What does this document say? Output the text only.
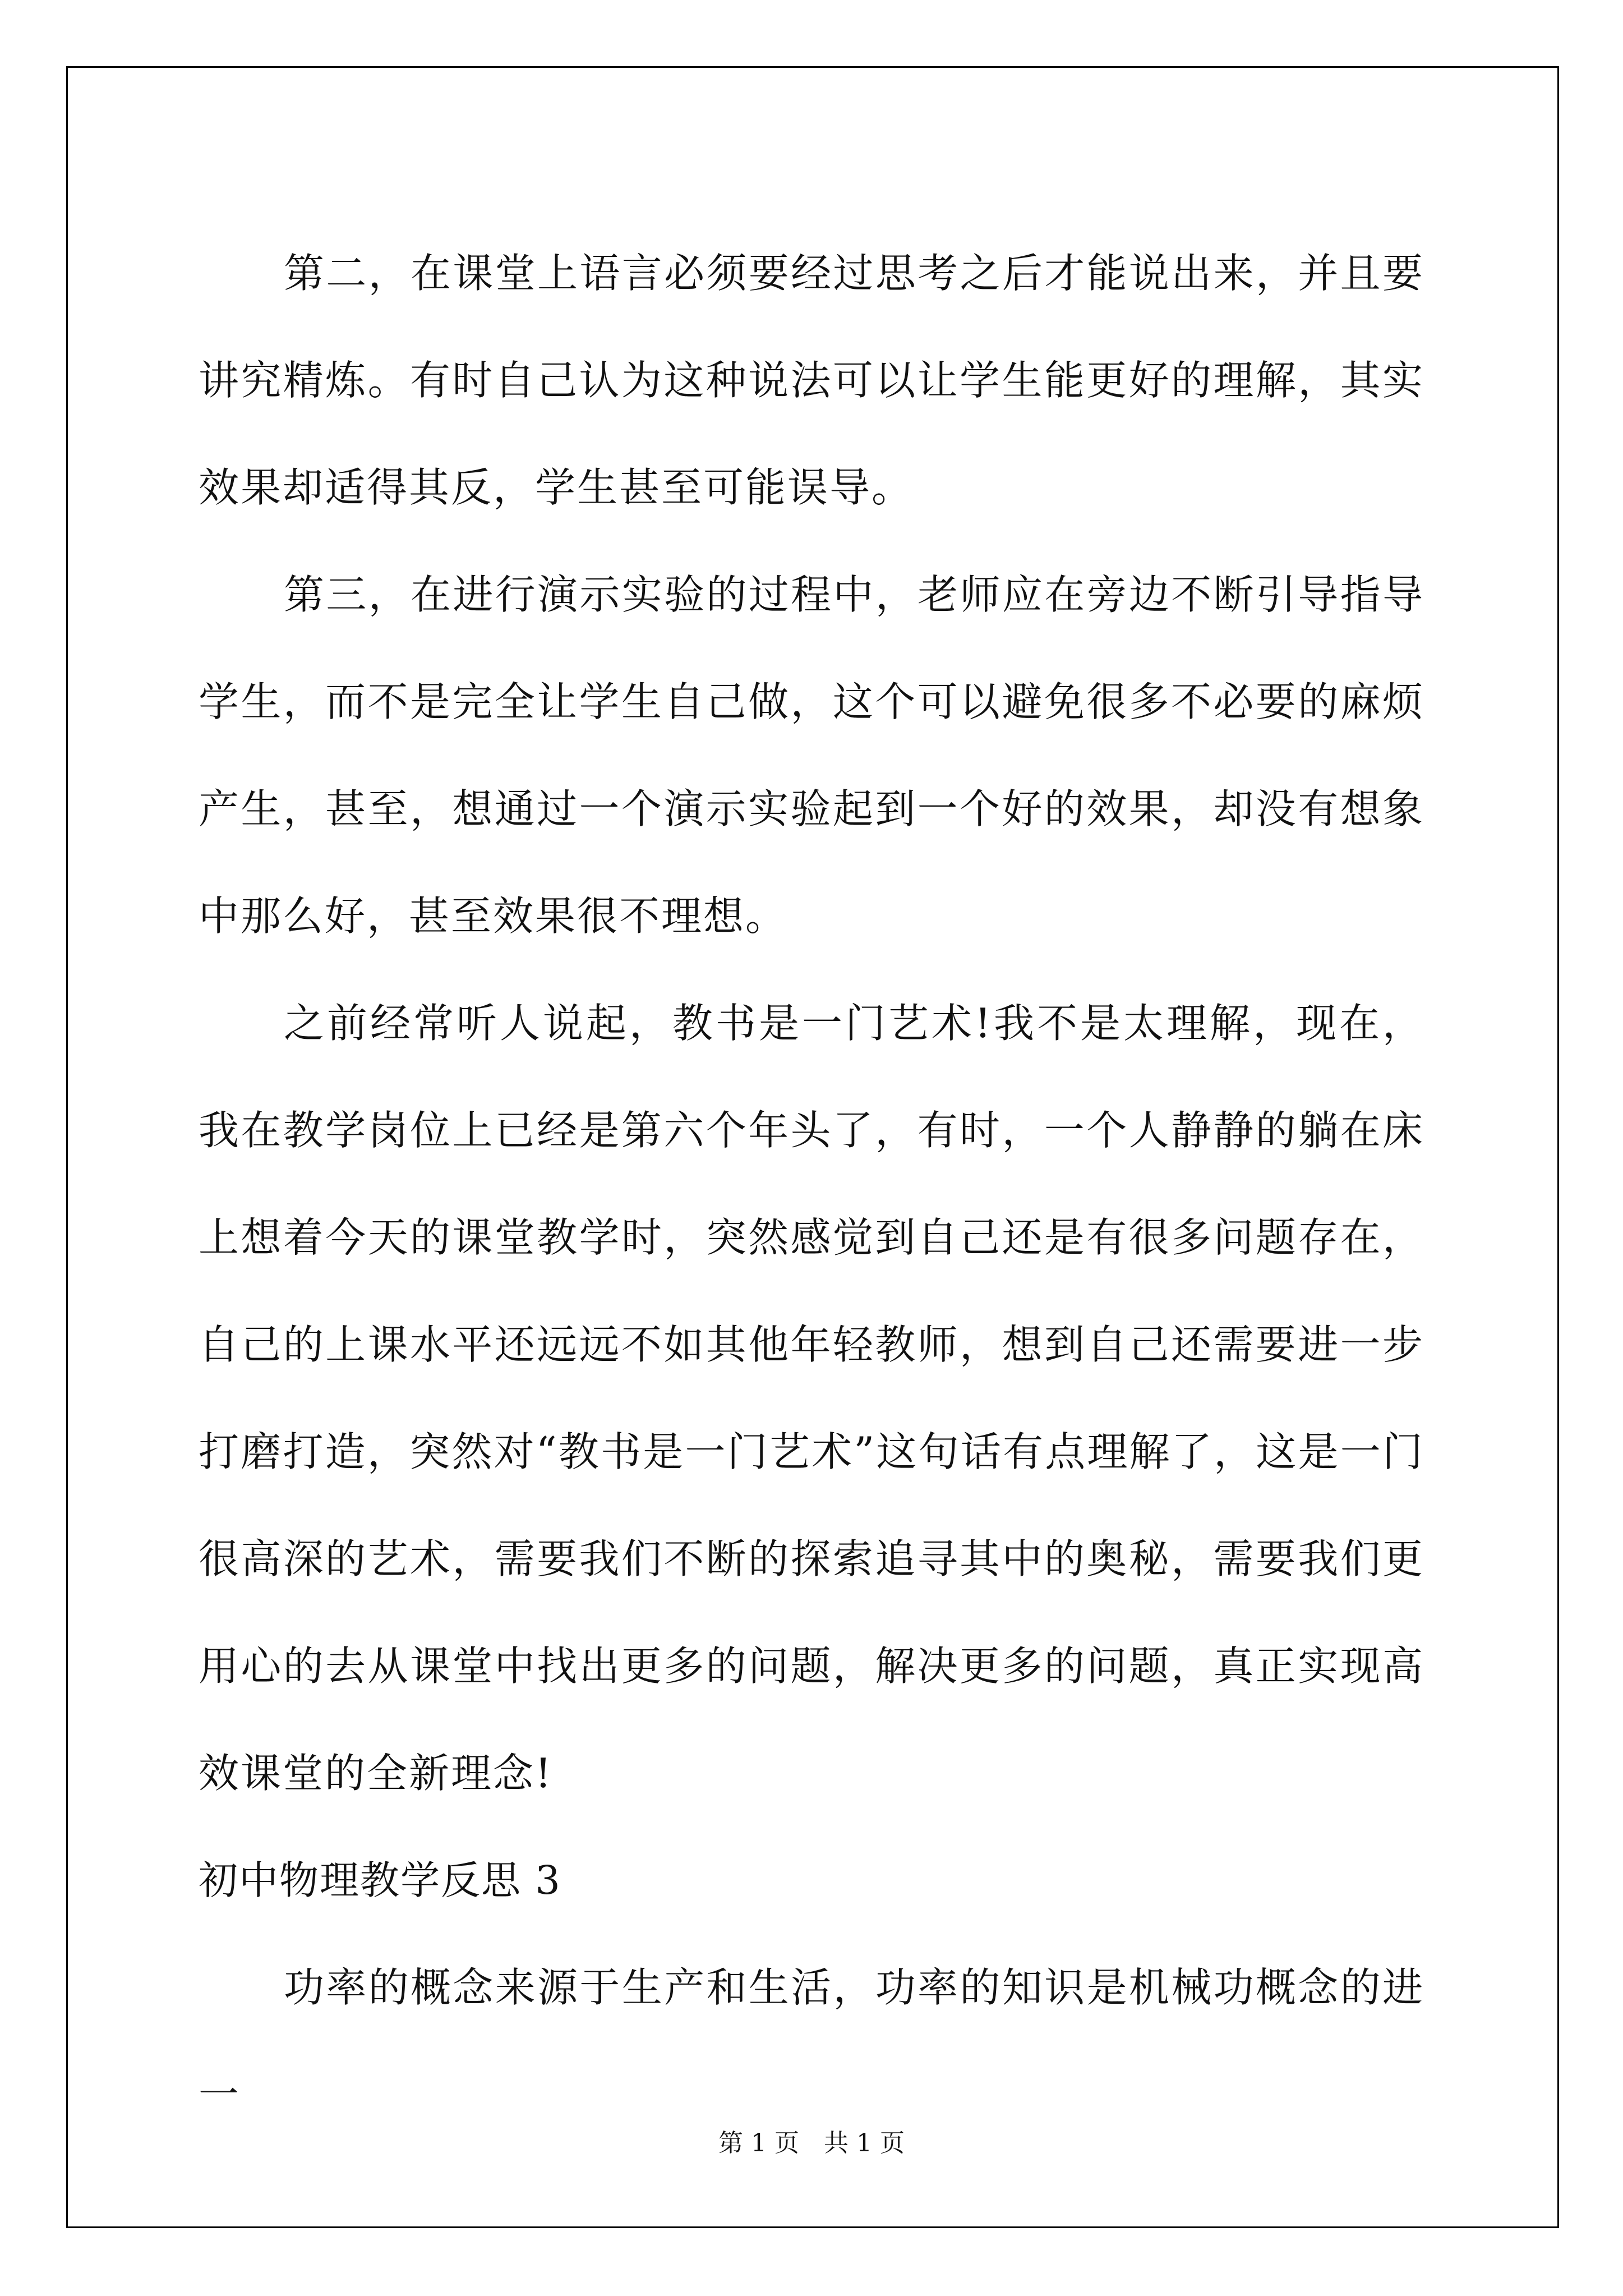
第二，在课堂上语言必须要经过思考之后才能说出来，并且要讲究精炼。有时自己认为这种说法可以让学生能更好的理解，其实效果却适得其反，学生甚至可能误导。

第三，在进行演示实验的过程中，老师应在旁边不断引导指导学生，而不是完全让学生自己做，这个可以避免很多不必要的麻烦产生，甚至，想通过一个演示实验起到一个好的效果，却没有想象中那么好，甚至效果很不理想。

之前经常听人说起，教书是一门艺术!我不是太理解，现在，我在教学岗位上已经是第六个年头了，有时，一个人静静的躺在床上想着今天的课堂教学时，突然感觉到自己还是有很多问题存在，自己的上课水平还远远不如其他年轻教师，想到自己还需要进一步打磨打造，突然对“教书是一门艺术”这句话有点理解了，这是一门很高深的艺术，需要我们不断的探索追寻其中的奥秘，需要我们更用心的去从课堂中找出更多的问题，解决更多的问题，真正实现高效课堂的全新理念!

初中物理教学反思 3

功率的概念来源于生产和生活，功率的知识是机械功概念的进一

第 1 页　共 1 页
